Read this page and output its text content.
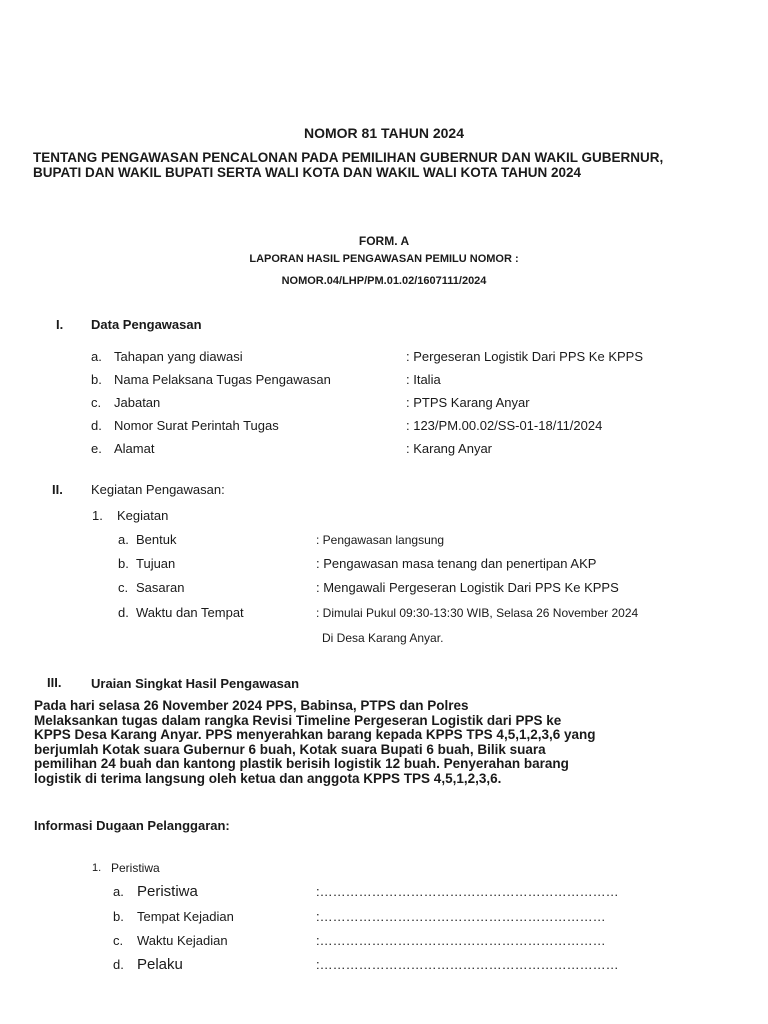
NOMOR 81 TAHUN 2024
TENTANG PENGAWASAN PENCALONAN PADA PEMILIHAN GUBERNUR DAN WAKIL GUBERNUR,
BUPATI DAN WAKIL BUPATI SERTA WALI KOTA DAN WAKIL WALI KOTA TAHUN 2024
FORM. A
LAPORAN HASIL PENGAWASAN PEMILU NOMOR :
NOMOR.04/LHP/PM.01.02/1607111/2024
I. Data Pengawasan
a. Tahapan yang diawasi	: Pergeseran Logistik Dari PPS Ke KPPS
b. Nama Pelaksana Tugas Pengawasan	: Italia
c. Jabatan	: PTPS Karang Anyar
d. Nomor Surat Perintah Tugas	: 123/PM.00.02/SS-01-18/11/2024
e. Alamat	: Karang Anyar
II. Kegiatan Pengawasan:
1. Kegiatan
a. Bentuk	: Pengawasan langsung
b. Tujuan	: Pengawasan masa tenang dan penertipan AKP
c. Sasaran	: Mengawali Pergeseran Logistik Dari PPS Ke KPPS
d. Waktu dan Tempat	: Dimulai Pukul 09:30-13:30 WIB, Selasa 26 November 2024
Di Desa Karang Anyar.
III. Uraian Singkat Hasil Pengawasan
Pada hari selasa 26 November 2024 PPS, Babinsa, PTPS dan Polres
Melaksankan tugas dalam rangka Revisi Timeline Pergeseran Logistik dari PPS ke
KPPS Desa Karang Anyar. PPS menyerahkan barang kepada KPPS TPS 4,5,1,2,3,6 yang
berjumlah Kotak suara Gubernur 6 buah, Kotak suara Bupati 6 buah, Bilik suara
pemilihan 24 buah dan kantong plastik berisih logistik 12 buah. Penyerahan barang
logistik di terima langsung oleh ketua dan anggota KPPS TPS 4,5,1,2,3,6.
Informasi Dugaan Pelanggaran:
1. Peristiwa
a. Peristiwa	:……………………………………………………………
b. Tempat Kejadian	:…………………………………………………………
c. Waktu Kejadian	:…………………………………………………………
d. Pelaku	:……………………………………………………………
